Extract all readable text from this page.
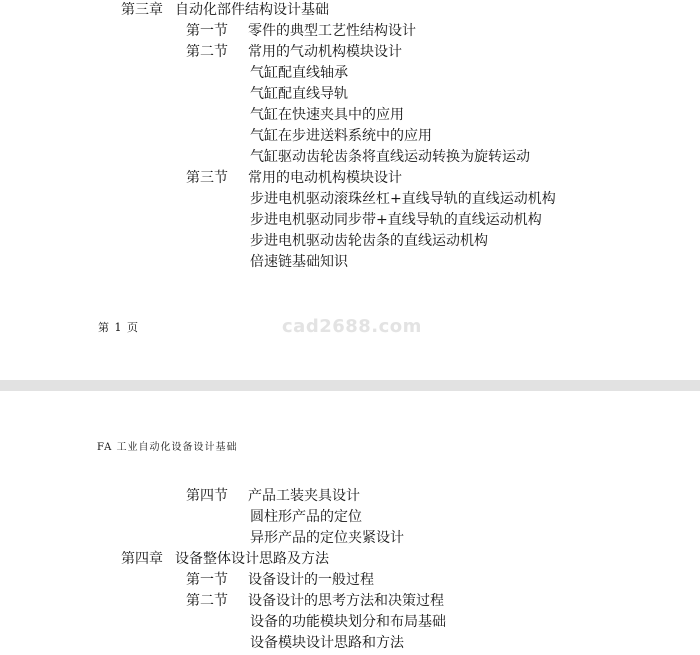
第三章 自动化部件结构设计基础
第一节 零件的典型工艺性结构设计
第二节 常用的气动机构模块设计
气缸配直线轴承
气缸配直线导轨
气缸在快速夹具中的应用
气缸在步进送料系统中的应用
气缸驱动齿轮齿条将直线运动转换为旋转运动
第三节 常用的电动机构模块设计
步进电机驱动滚珠丝杠+直线导轨的直线运动机构
步进电机驱动同步带+直线导轨的直线运动机构
步进电机驱动齿轮齿条的直线运动机构
倍速链基础知识
第 1 页	cad2688.com
FA 工业自动化设备设计基础
第四节 产品工装夹具设计
圆柱形产品的定位
异形产品的定位夹紧设计
第四章 设备整体设计思路及方法
第一节 设备设计的一般过程
第二节 设备设计的思考方法和决策过程
设备的功能模块划分和布局基础
设备模块设计思路和方法
